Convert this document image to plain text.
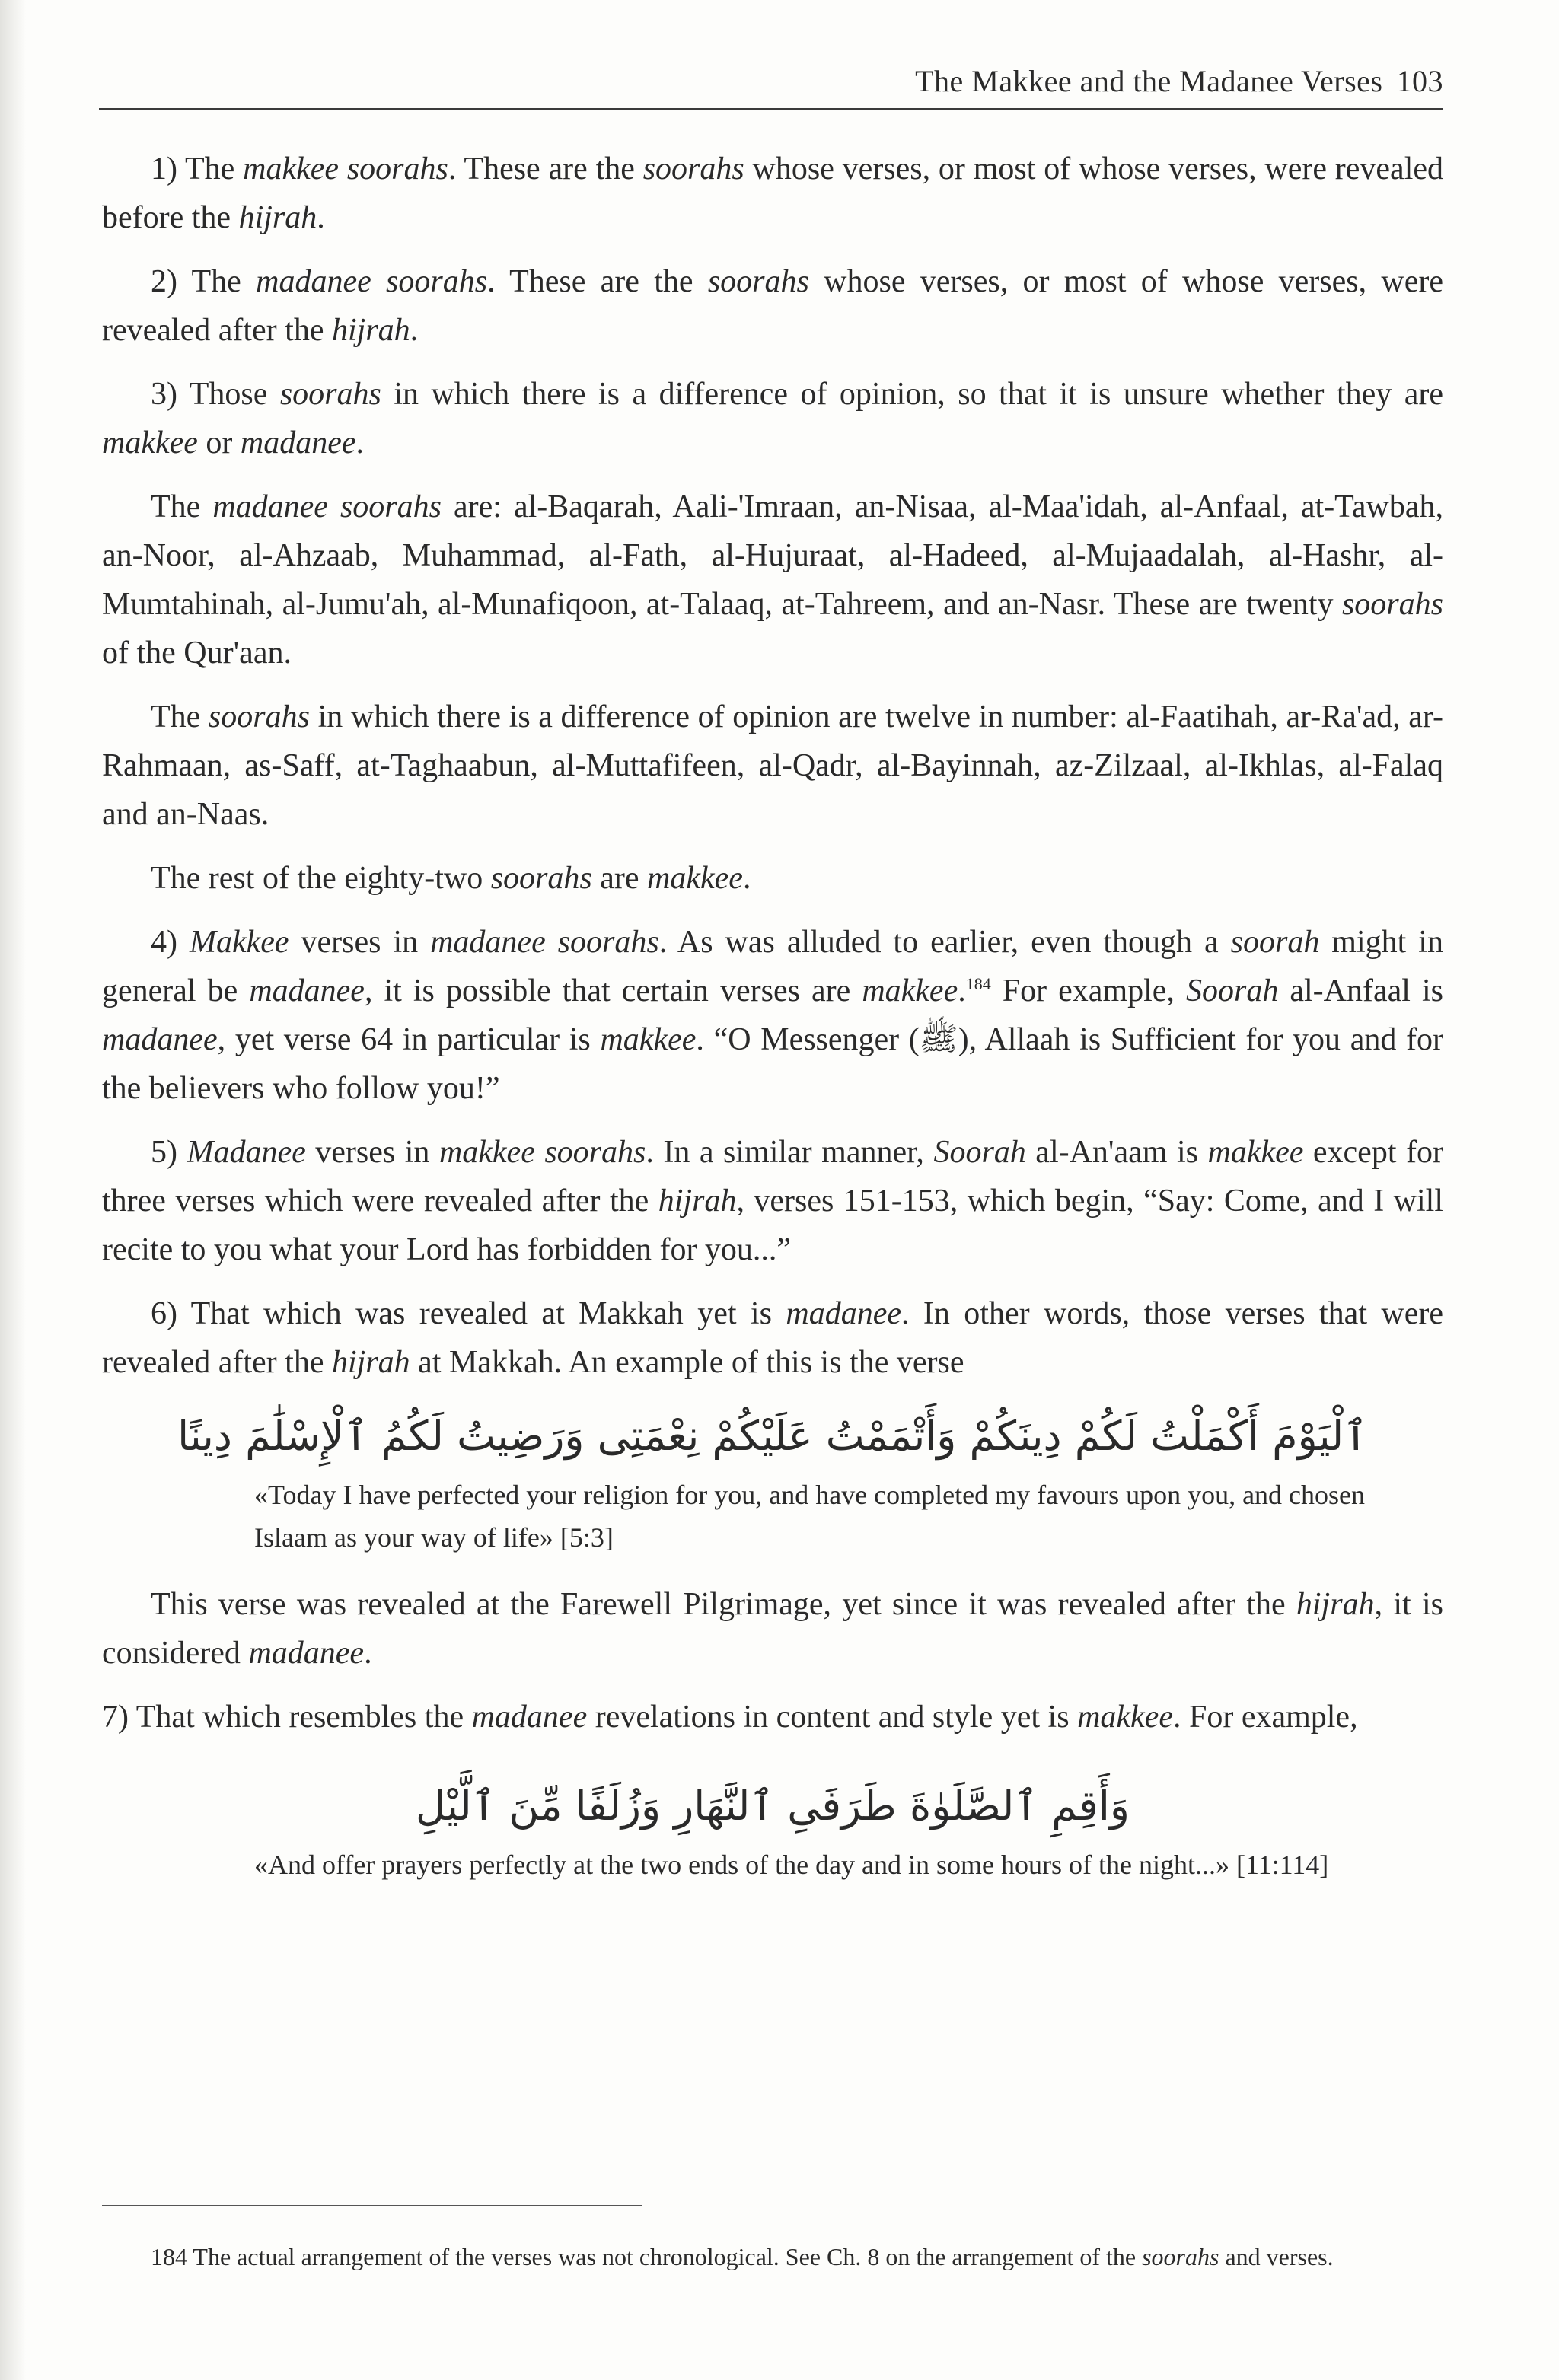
The Makkee and the Madanee Verses 103

1) The makkee soorahs. These are the soorahs whose verses, or most of whose verses, were revealed before the hijrah.

2) The madanee soorahs. These are the soorahs whose verses, or most of whose verses, were revealed after the hijrah.

3) Those soorahs in which there is a difference of opinion, so that it is unsure whether they are makkee or madanee.

The madanee soorahs are: al-Baqarah, Aali-'Imraan, an-Nisaa, al-Maa'idah, al-Anfaal, at-Tawbah, an-Noor, al-Ahzaab, Muhammad, al-Fath, al-Hujuraat, al-Hadeed, al-Mujaadalah, al-Hashr, al-Mumtahinah, al-Jumu'ah, al-Munafiqoon, at-Talaaq, at-Tahreem, and an-Nasr. These are twenty soorahs of the Qur'aan.

The soorahs in which there is a difference of opinion are twelve in number: al-Faatihah, ar-Ra'ad, ar-Rahmaan, as-Saff, at-Taghaabun, al-Muttafifeen, al-Qadr, al-Bayinnah, az-Zilzaal, al-Ikhlas, al-Falaq and an-Naas.

The rest of the eighty-two soorahs are makkee.

4) Makkee verses in madanee soorahs. As was alluded to earlier, even though a soorah might in general be madanee, it is possible that certain verses are makkee.$^{184}$ For example, Soorah al-Anfaal is madanee, yet verse 64 in particular is makkee. “O Messenger (ﷺ), Allaah is Sufficient for you and for the believers who follow you!”

5) Madanee verses in makkee soorahs. In a similar manner, Soorah al-An'aam is makkee except for three verses which were revealed after the hijrah, verses 151-153, which begin, “Say: Come, and I will recite to you what your Lord has forbidden for you...”

6) That which was revealed at Makkah yet is madanee. In other words, those verses that were revealed after the hijrah at Makkah. An example of this is the verse

ٱلْيَوْمَ أَكْمَلْتُ لَكُمْ دِينَكُمْ وَأَتْمَمْتُ عَلَيْكُمْ نِعْمَتِى وَرَضِيتُ لَكُمُ ٱلْإِسْلَٰمَ دِينًا
«Today I have perfected your religion for you, and have completed my favours upon you, and chosen Islaam as your way of life» [5:3]

This verse was revealed at the Farewell Pilgrimage, yet since it was revealed after the hijrah, it is considered madanee.

7) That which resembles the madanee revelations in content and style yet is makkee. For example,

وَأَقِمِ ٱلصَّلَوٰةَ طَرَفَىِ ٱلنَّهَارِ وَزُلَفًا مِّنَ ٱلَّيْلِ
«And offer prayers perfectly at the two ends of the day and in some hours of the night...» [11:114]
184 The actual arrangement of the verses was not chronological. See Ch. 8 on the arrangement of the soorahs and verses.
